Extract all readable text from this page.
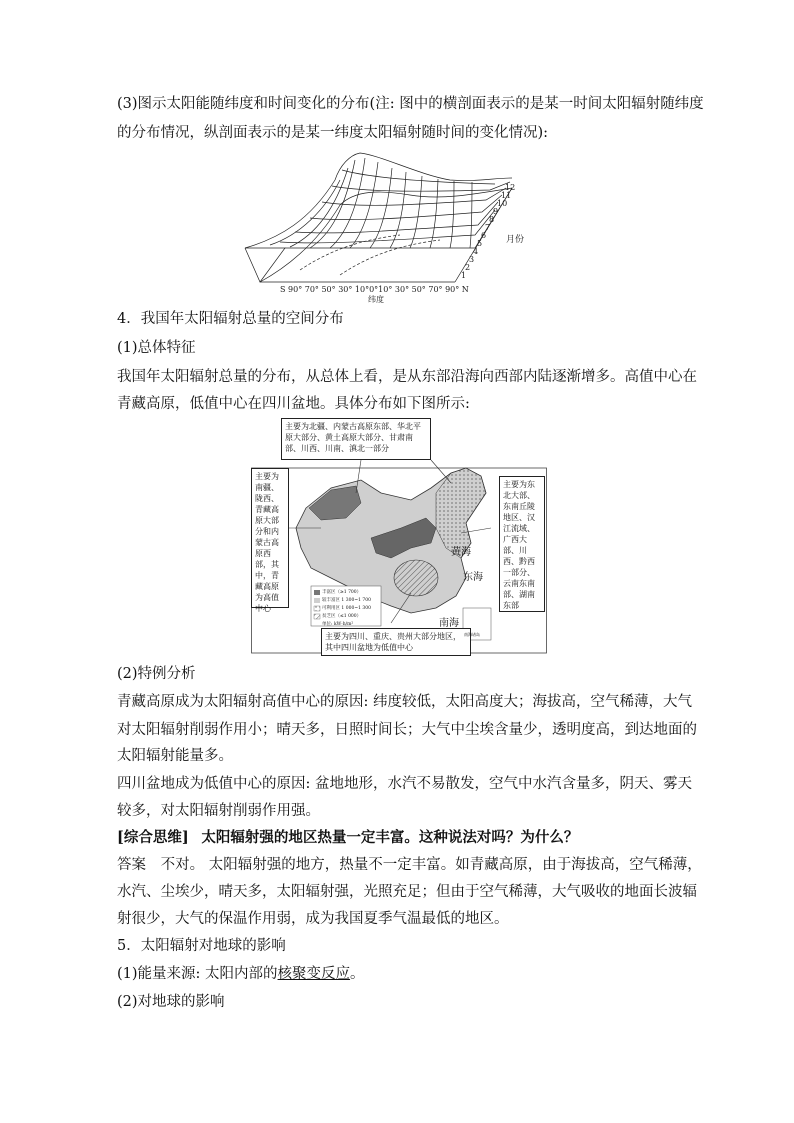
(3)图示太阳能随纬度和时间变化的分布(注: 图中的横剖面表示的是某一时间太阳辐射随纬度
的分布情况，纵剖面表示的是某一纬度太阳辐射随时间的变化情况):
12
11
10
9
8
7
6
5
4
3
2
1
月份
S 90° 70° 50° 30° 10°0°10° 30° 50° 70° 90° N
纬度
4．我国年太阳辐射总量的空间分布
(1)总体特征
我国年太阳辐射总量的分布，从总体上看，是从东部沿海向西部内陆逐渐增多。高值中心在
青藏高原，低值中心在四川盆地。具体分布如下图所示:
主要为北疆、内蒙古高原东部、华北平原大部分、黄土高原大部分、甘肃南部、川西、川南、滇北一部分
主要为南疆、陇西、青藏高原大部分和内蒙古高原西部，其中，青藏高原为高值中心
主要为东北大部、东南丘陵地区、汉江流域、广西大部、川西、黔西一部分、云南东南部、湖南东部
主要为四川、重庆、贵州大部分地区，其中四川盆地为低值中心
黄海
东海
南海
丰富区（≥1 700）
较丰富区 1 300~1 700
可利用区 1 000~1 300
贫乏区（≤1 000）
单位: kW·h/m²
南海诸岛
(2)特例分析
青藏高原成为太阳辐射高值中心的原因: 纬度较低，太阳高度大；海拔高，空气稀薄，大气
对太阳辐射削弱作用小；晴天多，日照时间长；大气中尘埃含量少，透明度高，到达地面的
太阳辐射能量多。
四川盆地成为低值中心的原因: 盆地地形，水汽不易散发，空气中水汽含量多，阴天、雾天
较多，对太阳辐射削弱作用强。
[综合思维] 太阳辐射强的地区热量一定丰富。这种说法对吗？为什么？
答案 不对。 太阳辐射强的地方，热量不一定丰富。如青藏高原，由于海拔高，空气稀薄，
水汽、尘埃少，晴天多，太阳辐射强，光照充足；但由于空气稀薄，大气吸收的地面长波辐
射很少，大气的保温作用弱，成为我国夏季气温最低的地区。
5．太阳辐射对地球的影响
(1)能量来源: 太阳内部的核聚变反应。
(2)对地球的影响
